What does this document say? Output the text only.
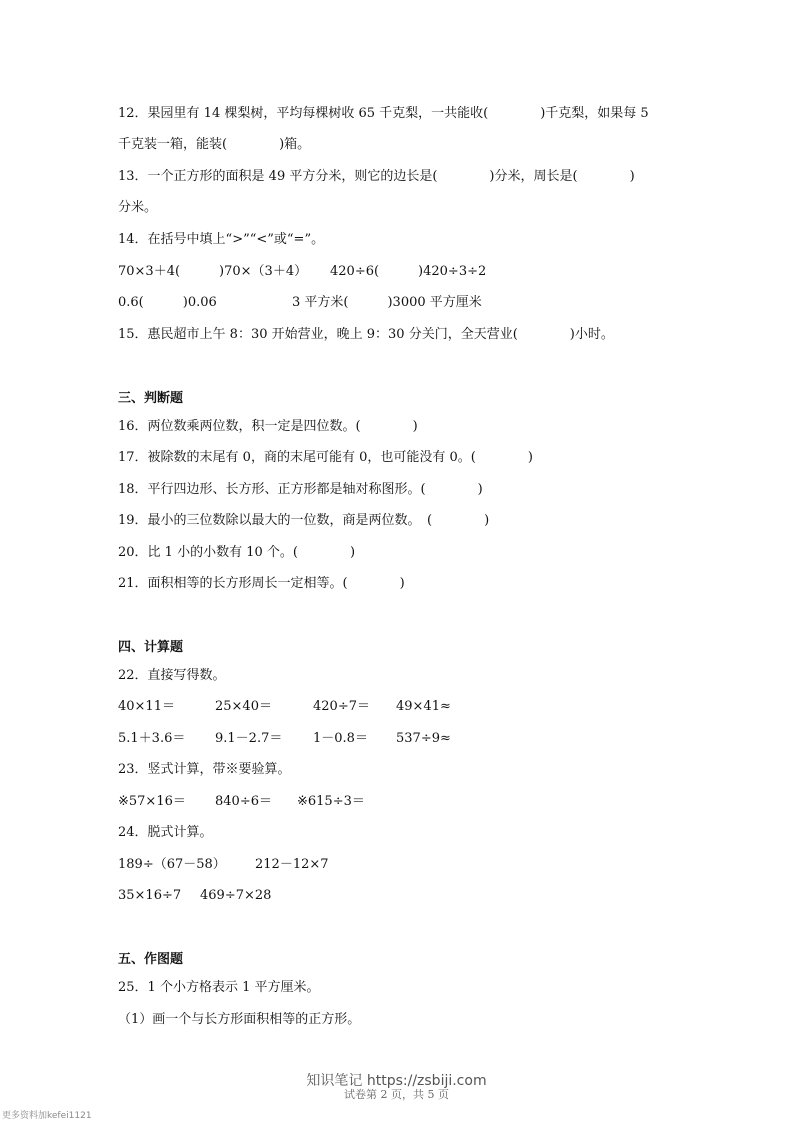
12．果园里有 14 棵梨树，平均每棵树收 65 千克梨，一共能收(　　　　)千克梨，如果每 5
千克装一箱，能装(　　　　)箱。
13．一个正方形的面积是 49 平方分米，则它的边长是(　　　　)分米，周长是(　　　　)
分米。
14．在括号中填上“>”“<”或“=”。
70×3＋4(　　　)70×（3＋4） 420÷6(　　　)420÷3÷2
0.6(　　　)0.06	3 平方米(　　　)3000 平方厘米
15．惠民超市上午 8：30 开始营业，晚上 9：30 分关门，全天营业(　　　　)小时。
三、判断题
16．两位数乘两位数，积一定是四位数。(　　　　)
17．被除数的末尾有 0，商的末尾可能有 0，也可能没有 0。(　　　　)
18．平行四边形、长方形、正方形都是轴对称图形。(　　　　)
19．最小的三位数除以最大的一位数，商是两位数。　(　　　　)
20．比 1 小的小数有 10 个。(　　　　)
21．面积相等的长方形周长一定相等。(　　　　)
四、计算题
22．直接写得数。
40×11＝	25×40＝	420÷7＝ 49×41≈
5.1＋3.6＝ 9.1－2.7＝ 1－0.8＝ 537÷9≈
23．竖式计算，带※要验算。
※57×16＝ 840÷6＝ ※615÷3＝
24．脱式计算。
189÷（67－58） 212－12×7
35×16÷7 469÷7×28
五、作图题
25．1 个小方格表示 1 平方厘米。
（1）画一个与长方形面积相等的正方形。
知识笔记 https://zsbiji.com
试卷第 2 页，共 5 页
更多资料加kefei1121
